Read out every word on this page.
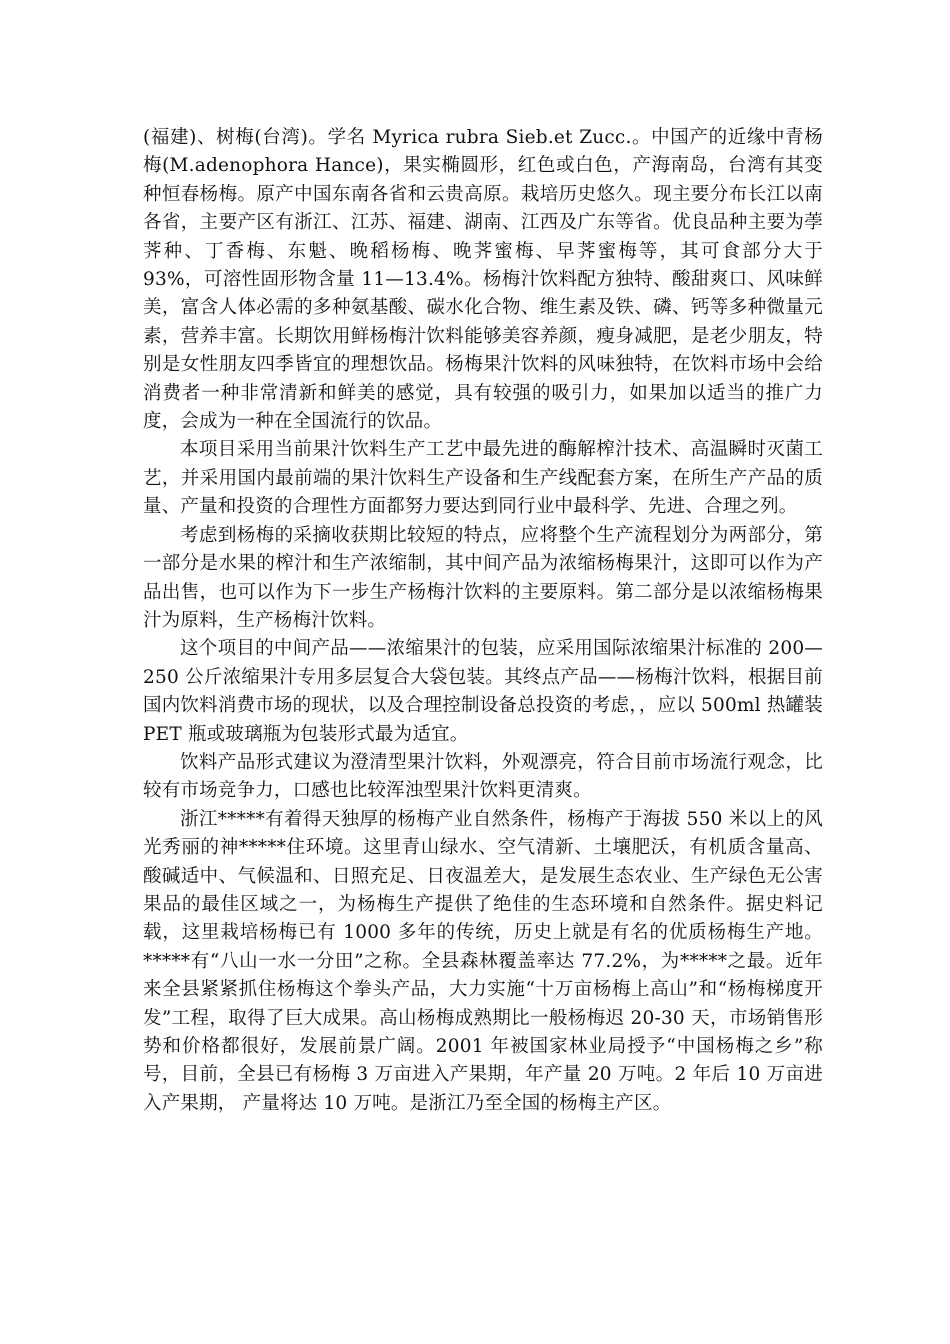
(福建)、树梅(台湾)。学名 Myrica rubra Sieb.et Zucc.。中国产的近缘中青杨梅(M.adenophora Hance)，果实椭圆形，红色或白色，产海南岛，台湾有其变种恒春杨梅。原产中国东南各省和云贵高原。栽培历史悠久。现主要分布长江以南各省，主要产区有浙江、江苏、福建、湖南、江西及广东等省。优良品种主要为荸荠种、丁香梅、东魁、晚稻杨梅、晚荠蜜梅、早荠蜜梅等，其可食部分大于 93%，可溶性固形物含量 11—13.4%。杨梅汁饮料配方独特、酸甜爽口、风味鲜美，富含人体必需的多种氨基酸、碳水化合物、维生素及铁、磷、钙等多种微量元素，营养丰富。长期饮用鲜杨梅汁饮料能够美容养颜，瘦身减肥，是老少朋友，特别是女性朋友四季皆宜的理想饮品。杨梅果汁饮料的风味独特，在饮料市场中会给消费者一种非常清新和鲜美的感觉，具有较强的吸引力，如果加以适当的推广力度，会成为一种在全国流行的饮品。

本项目采用当前果汁饮料生产工艺中最先进的酶解榨汁技术、高温瞬时灭菌工艺，并采用国内最前端的果汁饮料生产设备和生产线配套方案，在所生产产品的质量、产量和投资的合理性方面都努力要达到同行业中最科学、先进、合理之列。

考虑到杨梅的采摘收获期比较短的特点，应将整个生产流程划分为两部分，第一部分是水果的榨汁和生产浓缩制，其中间产品为浓缩杨梅果汁，这即可以作为产品出售，也可以作为下一步生产杨梅汁饮料的主要原料。第二部分是以浓缩杨梅果汁为原料，生产杨梅汁饮料。

这个项目的中间产品——浓缩果汁的包装，应采用国际浓缩果汁标准的 200—250 公斤浓缩果汁专用多层复合大袋包装。其终点产品——杨梅汁饮料，根据目前国内饮料消费市场的现状，以及合理控制设备总投资的考虑，，应以 500ml 热罐装 PET 瓶或玻璃瓶为包装形式最为适宜。

饮料产品形式建议为澄清型果汁饮料，外观漂亮，符合目前市场流行观念，比较有市场竞争力，口感也比较浑浊型果汁饮料更清爽。

浙江*****有着得天独厚的杨梅产业自然条件，杨梅产于海拔 550 米以上的风光秀丽的神*****住环境。这里青山绿水、空气清新、土壤肥沃，有机质含量高、酸碱适中、气候温和、日照充足、日夜温差大，是发展生态农业、生产绿色无公害果品的最佳区域之一，为杨梅生产提供了绝佳的生态环境和自然条件。据史料记载，这里栽培杨梅已有 1000 多年的传统，历史上就是有名的优质杨梅生产地。*****有“八山一水一分田”之称。全县森林覆盖率达 77.2%，为*****之最。近年来全县紧紧抓住杨梅这个拳头产品，大力实施“十万亩杨梅上高山”和“杨梅梯度开发”工程，取得了巨大成果。高山杨梅成熟期比一般杨梅迟 20-30 天，市场销售形势和价格都很好，发展前景广阔。2001 年被国家林业局授予“中国杨梅之乡”称号，目前，全县已有杨梅 3 万亩进入产果期，年产量 20 万吨。2 年后 10 万亩进入产果期， 产量将达 10 万吨。是浙江乃至全国的杨梅主产区。
